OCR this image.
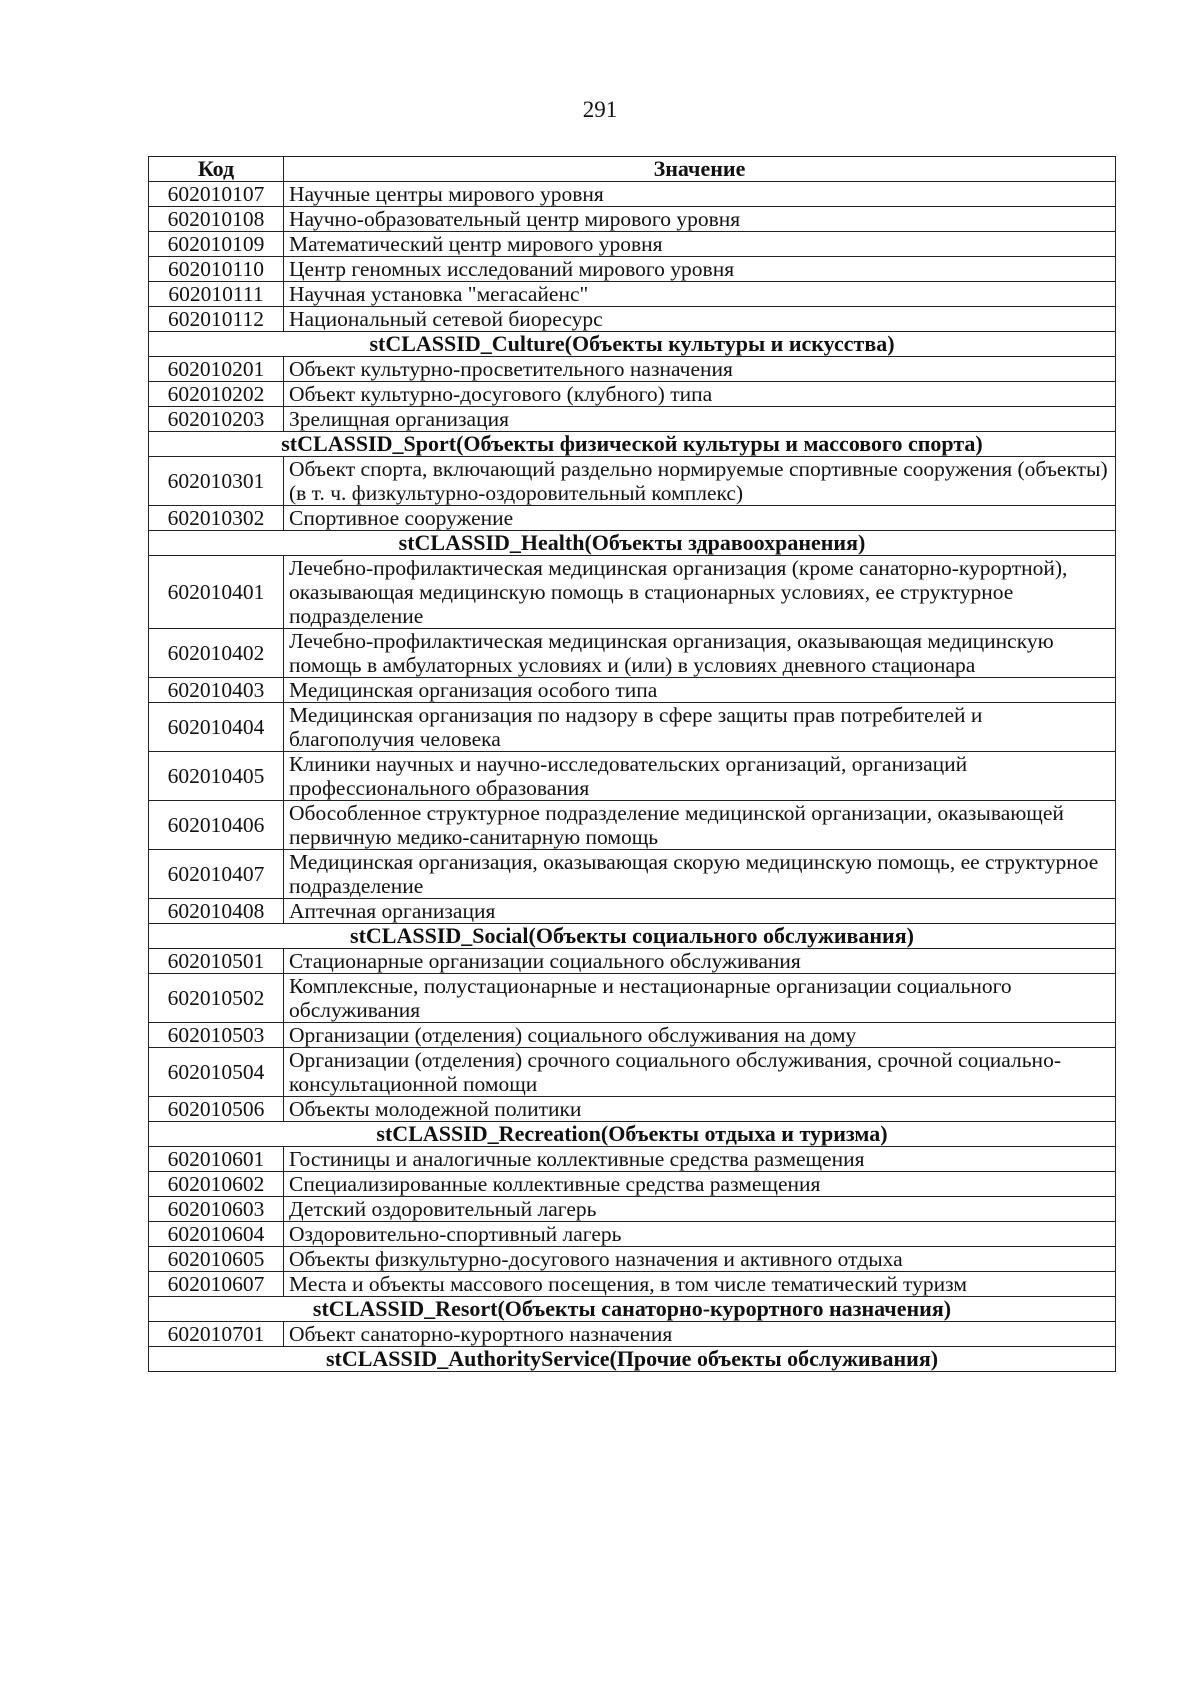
291
Код	Значение
602010107	Научные центры мирового уровня
602010108	Научно-образовательный центр мирового уровня
602010109	Математический центр мирового уровня
602010110	Центр геномных исследований мирового уровня
602010111	Научная установка "мегасайенс"
602010112	Национальный сетевой биоресурс
stCLASSID_Culture(Объекты культуры и искусства)	
602010201	Объект культурно-просветительного назначения
602010202	Объект культурно-досугового (клубного) типа
602010203	Зрелищная организация
stCLASSID_Sport(Объекты физической культуры и массового спорта)	
602010301	Объект спорта, включающий раздельно нормируемые спортивные сооружения (объекты) (в т. ч. физкультурно-оздоровительный комплекс)
602010302	Спортивное сооружение
stCLASSID_Health(Объекты здравоохранения)	
602010401	Лечебно-профилактическая медицинская организация (кроме санаторно-курортной), оказывающая медицинскую помощь в стационарных условиях, ее структурное подразделение
602010402	Лечебно-профилактическая медицинская организация, оказывающая медицинскую помощь в амбулаторных условиях и (или) в условиях дневного стационара
602010403	Медицинская организация особого типа
602010404	Медицинская организация по надзору в сфере защиты прав потребителей и благополучия человека
602010405	Клиники научных и научно-исследовательских организаций, организаций профессионального образования
602010406	Обособленное структурное подразделение медицинской организации, оказывающей первичную медико-санитарную помощь
602010407	Медицинская организация, оказывающая скорую медицинскую помощь, ее структурное подразделение
602010408	Аптечная организация
stCLASSID_Social(Объекты социального обслуживания)	
602010501	Стационарные организации социального обслуживания
602010502	Комплексные, полустационарные и нестационарные организации социального обслуживания
602010503	Организации (отделения) социального обслуживания на дому
602010504	Организации (отделения) срочного социального обслуживания, срочной социально-консультационной помощи
602010506	Объекты молодежной политики
stCLASSID_Recreation(Объекты отдыха и туризма)	
602010601	Гостиницы и аналогичные коллективные средства размещения
602010602	Специализированные коллективные средства размещения
602010603	Детский оздоровительный лагерь
602010604	Оздоровительно-спортивный лагерь
602010605	Объекты физкультурно-досугового назначения и активного отдыха
602010607	Места и объекты массового посещения, в том числе тематический туризм
stCLASSID_Resort(Объекты санаторно-курортного назначения)	
602010701	Объект санаторно-курортного назначения
stCLASSID_AuthorityService(Прочие объекты обслуживания)	
